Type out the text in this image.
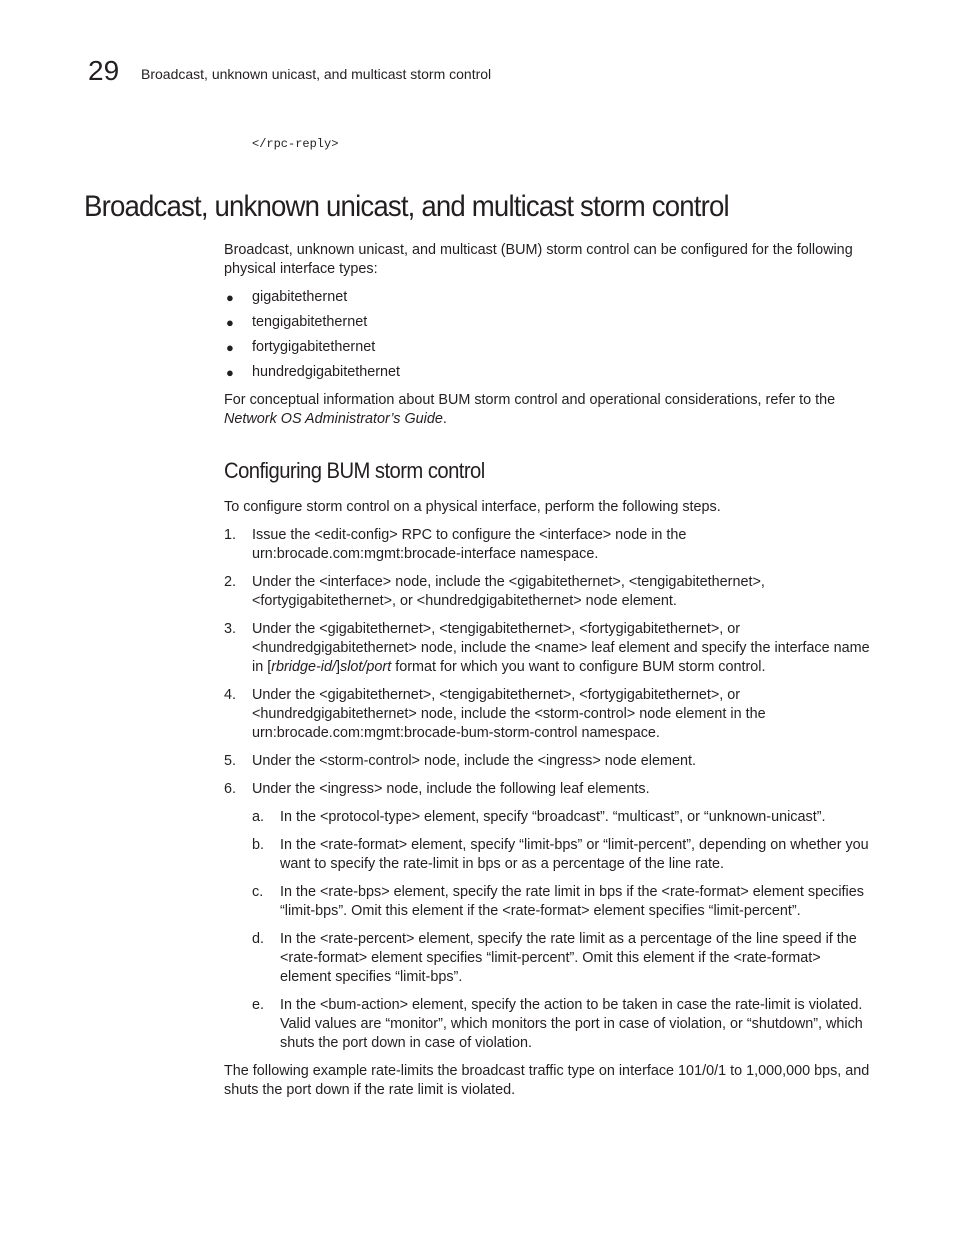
29 Broadcast, unknown unicast, and multicast storm control
</rpc-reply>
Broadcast, unknown unicast, and multicast storm control

Broadcast, unknown unicast, and multicast (BUM) storm control can be configured for the following physical interface types:

● gigabitethernet
● tengigabitethernet
● fortygigabitethernet
● hundredgigabitethernet

For conceptual information about BUM storm control and operational considerations, refer to the Network OS Administrator’s Guide.

Configuring BUM storm control

To configure storm control on a physical interface, perform the following steps.

1. Issue the <edit-config> RPC to configure the <interface> node in the urn:brocade.com:mgmt:brocade-interface namespace.
2. Under the <interface> node, include the <gigabitethernet>, <tengigabitethernet>, <fortygigabitethernet>, or <hundredgigabitethernet> node element.
3. Under the <gigabitethernet>, <tengigabitethernet>, <fortygigabitethernet>, or <hundredgigabitethernet> node, include the <name> leaf element and specify the interface name in [rbridge-id/]slot/port format for which you want to configure BUM storm control.
4. Under the <gigabitethernet>, <tengigabitethernet>, <fortygigabitethernet>, or <hundredgigabitethernet> node, include the <storm-control> node element in the urn:brocade.com:mgmt:brocade-bum-storm-control namespace.
5. Under the <storm-control> node, include the <ingress> node element.
6. Under the <ingress> node, include the following leaf elements.
a. In the <protocol-type> element, specify “broadcast”. “multicast”, or “unknown-unicast”.
b. In the <rate-format> element, specify “limit-bps” or “limit-percent”, depending on whether you want to specify the rate-limit in bps or as a percentage of the line rate.
c. In the <rate-bps> element, specify the rate limit in bps if the <rate-format> element specifies “limit-bps”. Omit this element if the <rate-format> element specifies “limit-percent”.
d. In the <rate-percent> element, specify the rate limit as a percentage of the line speed if the <rate-format> element specifies “limit-percent”. Omit this element if the <rate-format> element specifies “limit-bps”.
e. In the <bum-action> element, specify the action to be taken in case the rate-limit is violated. Valid values are “monitor”, which monitors the port in case of violation, or “shutdown”, which shuts the port down in case of violation.

The following example rate-limits the broadcast traffic type on interface 101/0/1 to 1,000,000 bps, and shuts the port down if the rate limit is violated.
